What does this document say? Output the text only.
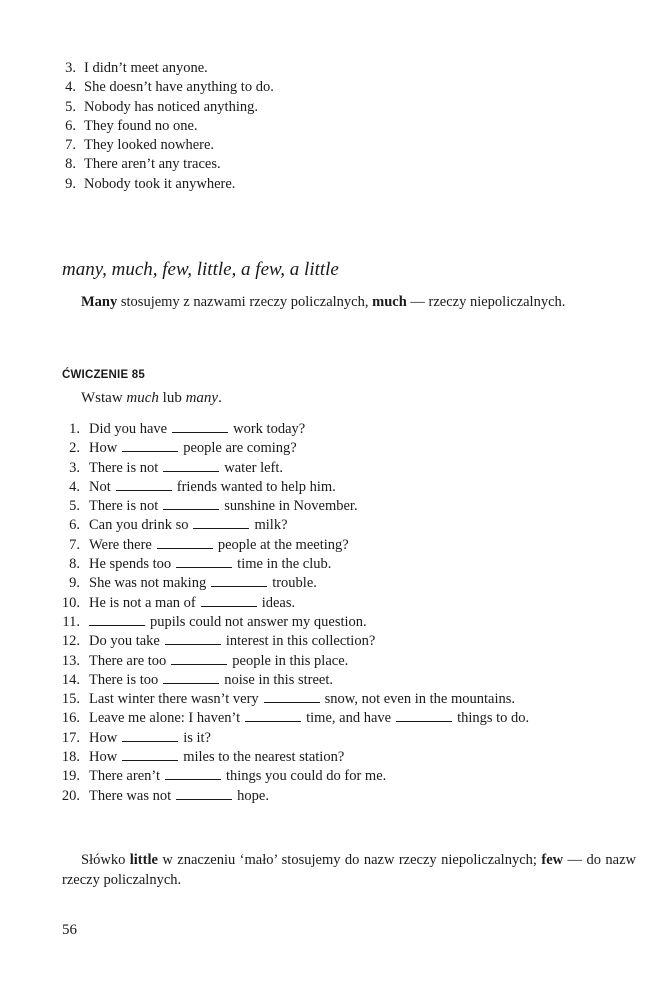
3. I didn’t meet anyone.
4. She doesn’t have anything to do.
5. Nobody has noticed anything.
6. They found no one.
7. They looked nowhere.
8. There aren’t any traces.
9. Nobody took it anywhere.
many, much, few, little, a few, a little

Many stosujemy z nazwami rzeczy policzalnych, much — rzeczy niepoliczalnych.

ĆWICZENIE 85
Wstaw much lub many.
1. Did you have	work today?
2. How	people are coming?
3. There is not	water left.
4. Not	friends wanted to help him.
5. There is not	sunshine in November.
6. Can you drink so	milk?
7. Were there	people at the meeting?
8. He spends too	time in the club.
9. She was not making	trouble.
10. He is not a man of	ideas.
11.	pupils could not answer my question.
12. Do you take	interest in this collection?
13. There are too	people in this place.
14. There is too	noise in this street.
15. Last winter there wasn’t very	snow, not even in the mountains.
16. Leave me alone: I haven’t	time, and have	things to do.
17. How	is it?
18. How	miles to the nearest station?
19. There aren’t	things you could do for me.
20. There was not	hope.

Słówko little w znaczeniu ‘mało’ stosujemy do nazw rzeczy niepoliczalnych; few — do nazw rzeczy policzalnych.

56
